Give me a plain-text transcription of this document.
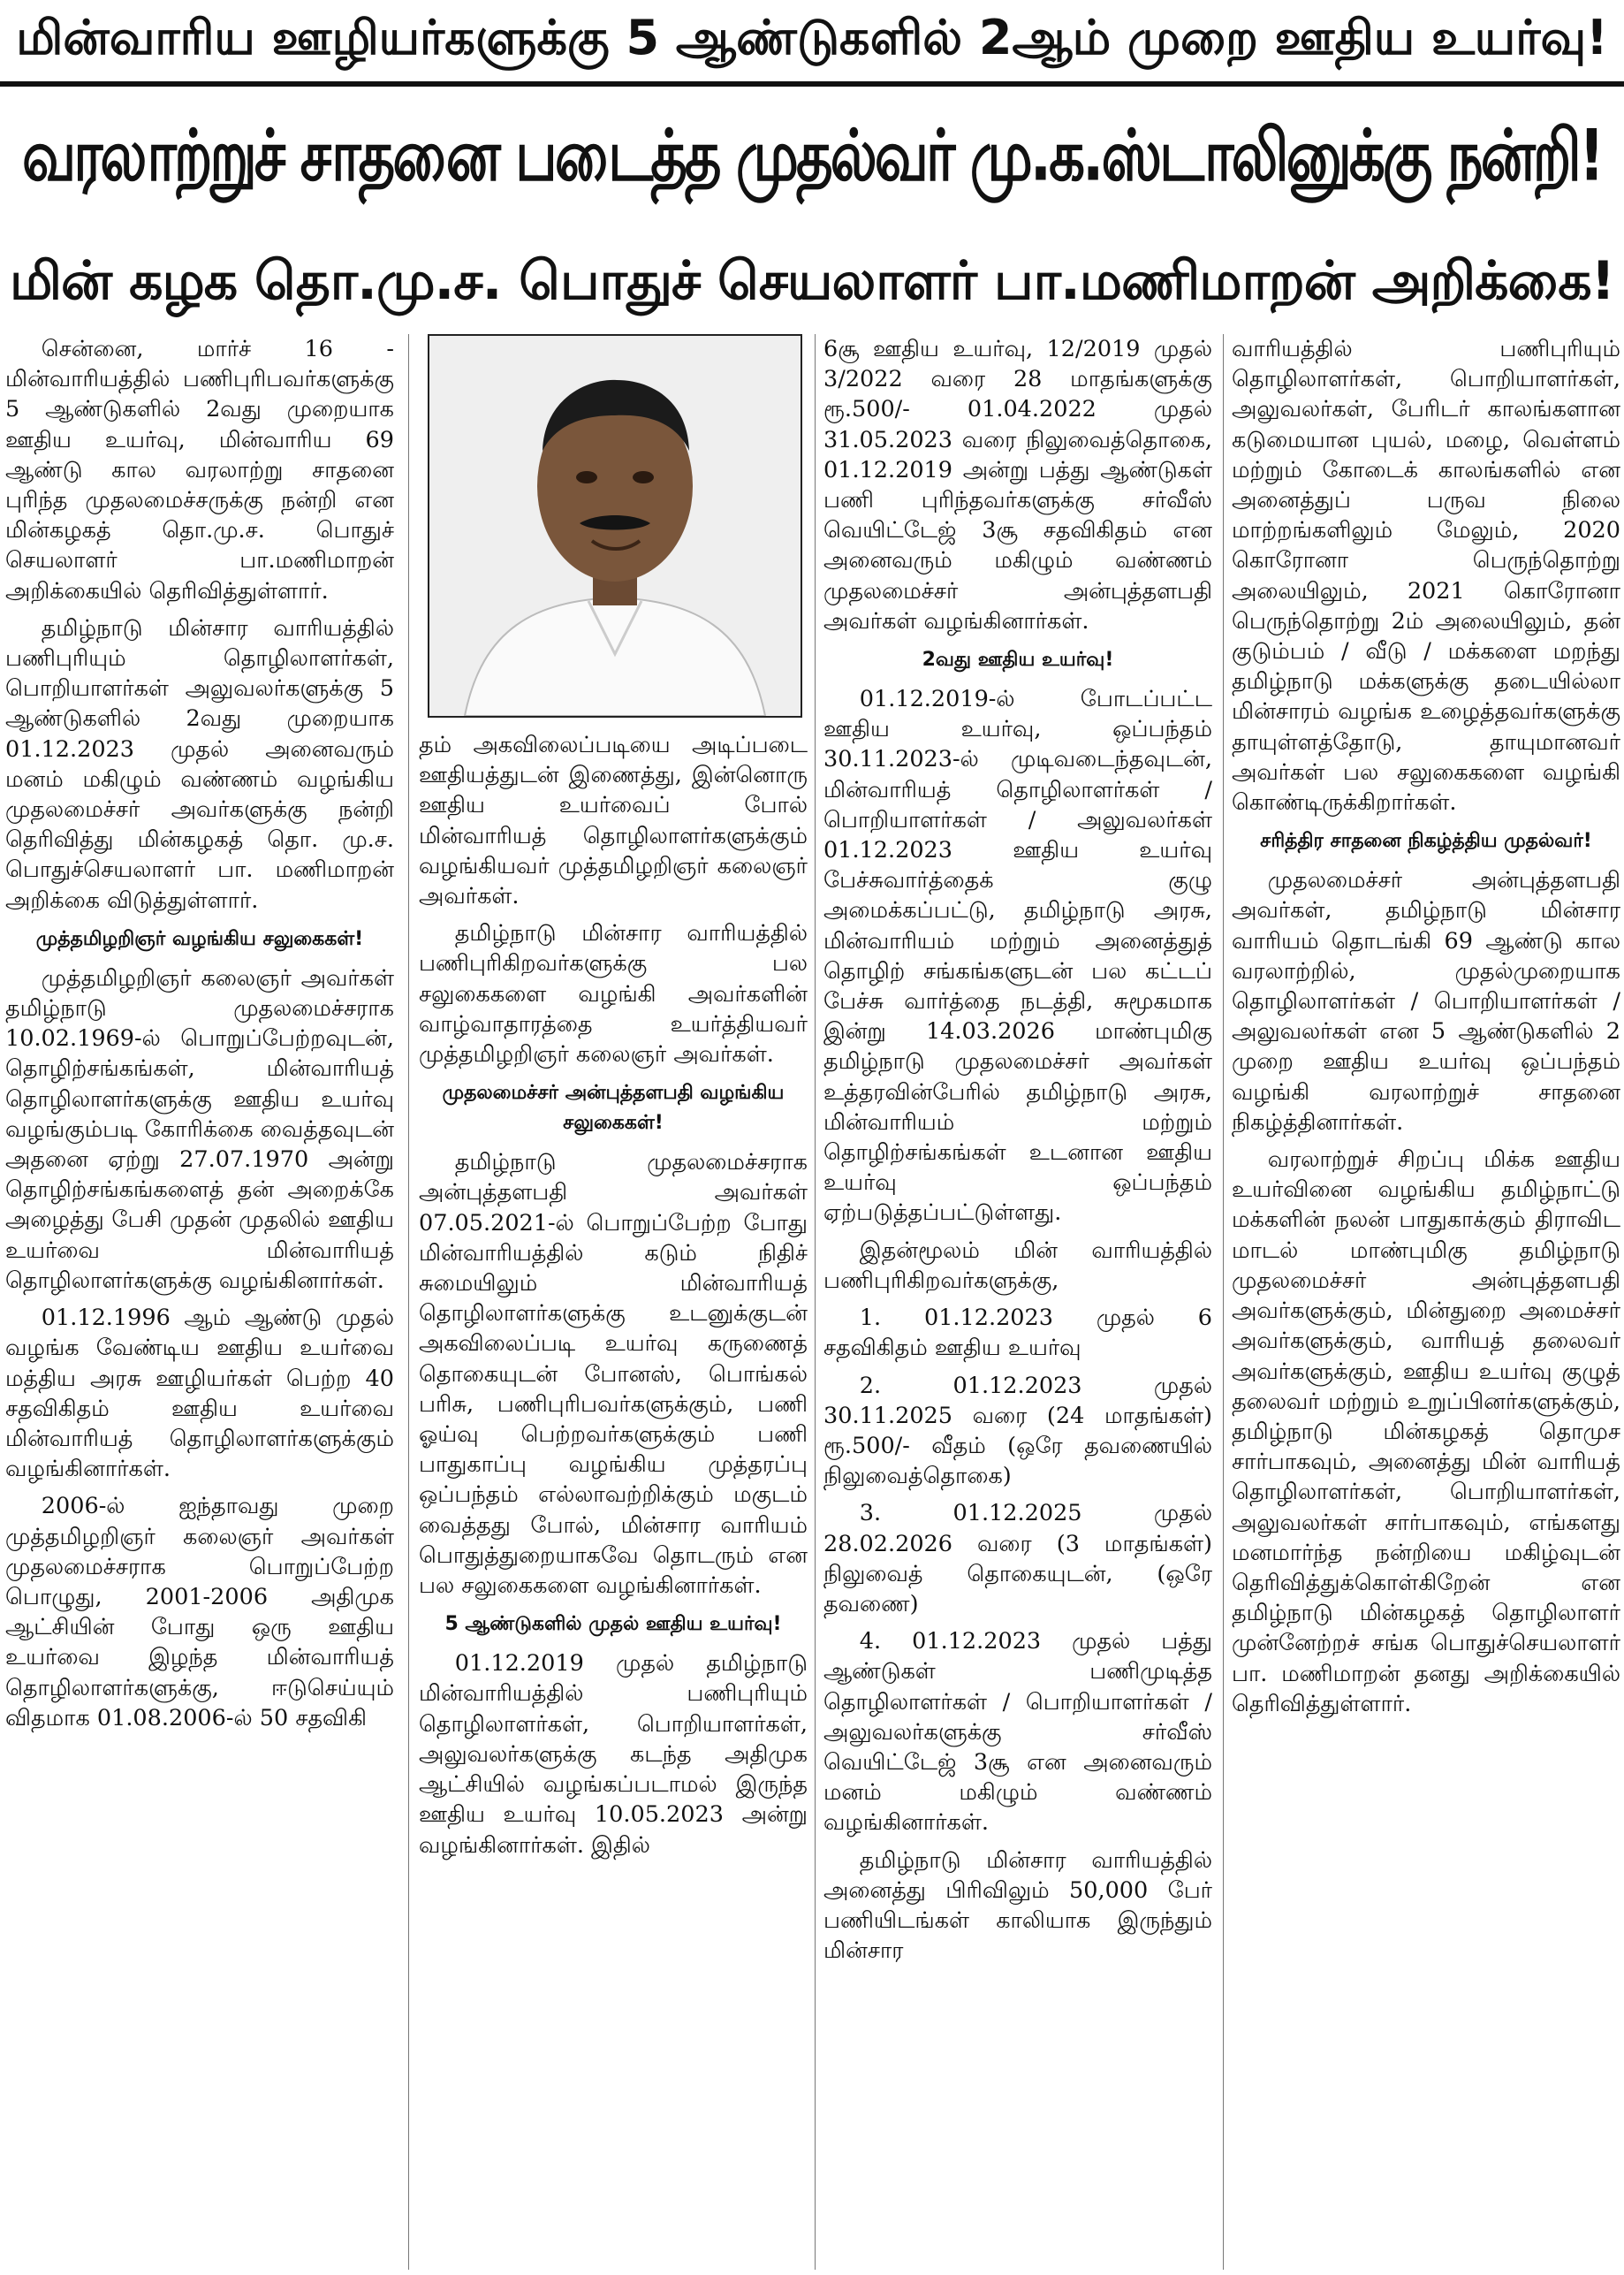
மின்வாரிய ஊழியர்களுக்கு 5 ஆண்டுகளில் 2ஆம் முறை ஊதிய உயர்வு!
வரலாற்றுச் சாதனை படைத்த முதல்வர் மு.க.ஸ்டாலினுக்கு நன்றி!
மின் கழக தொ.மு.ச. பொதுச் செயலாளர் பா.மணிமாறன் அறிக்கை!

சென்னை, மார்ச் 16 - மின்வாரியத்தில் பணிபுரிபவர்களுக்கு 5 ஆண்டுகளில் 2வது முறையாக ஊதிய உயர்வு, மின்வாரிய 69 ஆண்டு கால வரலாற்று சாதனை புரிந்த முதலமைச்சருக்கு நன்றி என மின்கழகத் தொ.மு.ச. பொதுச் செயலாளர் பா.மணிமாறன் அறிக்கையில் தெரிவித்துள்ளார்.

தமிழ்நாடு மின்சார வாரியத்தில் பணிபுரியும் தொழிலாளர்கள், பொறியாளர்கள் அலுவலர்களுக்கு 5 ஆண்டுகளில் 2வது முறையாக 01.12.2023 முதல் அனைவரும் மனம் மகிழும் வண்ணம் வழங்கிய முதலமைச்சர் அவர்களுக்கு நன்றி தெரிவித்து மின்கழகத் தொ. மு.ச. பொதுச்செயலாளர் பா. மணிமாறன் அறிக்கை விடுத்துள்ளார்.

முத்தமிழறிஞர் வழங்கிய சலுகைகள்!

முத்தமிழறிஞர் கலைஞர் அவர்கள் தமிழ்நாடு முதலமைச்சராக 10.02.1969-ல் பொறுப்பேற்றவுடன், தொழிற்சங்கங்கள், மின்வாரியத் தொழிலாளர்களுக்கு ஊதிய உயர்வு வழங்கும்படி கோரிக்கை வைத்தவுடன் அதனை ஏற்று 27.07.1970 அன்று தொழிற்சங்கங்களைத் தன் அறைக்கே அழைத்து பேசி முதன் முதலில் ஊதிய உயர்வை மின்வாரியத் தொழிலாளர்களுக்கு வழங்கினார்கள்.

01.12.1996 ஆம் ஆண்டு முதல் வழங்க வேண்டிய ஊதிய உயர்வை மத்திய அரசு ஊழியர்கள் பெற்ற 40 சதவிகிதம் ஊதிய உயர்வை மின்வாரியத் தொழிலாளர்களுக்கும் வழங்கினார்கள்.

2006-ல் ஐந்தாவது முறை முத்தமிழறிஞர் கலைஞர் அவர்கள் முதலமைச்சராக பொறுப்பேற்ற பொழுது, 2001-2006 அதிமுக ஆட்சியின் போது ஒரு ஊதிய உயர்வை இழந்த மின்வாரியத் தொழிலாளர்களுக்கு, ஈடுசெய்யும் விதமாக 01.08.2006-ல் 50 சதவிகி

தம் அகவிலைப்படியை அடிப்படை ஊதியத்துடன் இணைத்து, இன்னொரு ஊதிய உயர்வைப் போல் மின்வாரியத் தொழிலாளர்களுக்கும் வழங்கியவர் முத்தமிழறிஞர் கலைஞர் அவர்கள்.

தமிழ்நாடு மின்சார வாரியத்தில் பணிபுரிகிறவர்களுக்கு பல சலுகைகளை வழங்கி அவர்களின் வாழ்வாதாரத்தை உயர்த்தியவர் முத்தமிழறிஞர் கலைஞர் அவர்கள்.

முதலமைச்சர் அன்புத்தளபதி வழங்கிய சலுகைகள்!

தமிழ்நாடு முதலமைச்சராக அன்புத்தளபதி அவர்கள் 07.05.2021-ல் பொறுப்பேற்ற போது மின்வாரியத்தில் கடும் நிதிச் சுமையிலும் மின்வாரியத் தொழிலாளர்களுக்கு உடனுக்குடன் அகவிலைப்படி உயர்வு கருணைத் தொகையுடன் போனஸ், பொங்கல் பரிசு, பணிபுரிபவர்களுக்கும், பணி ஓய்வு பெற்றவர்களுக்கும் பணி பாதுகாப்பு வழங்கிய முத்தரப்பு ஒப்பந்தம் எல்லாவற்றிக்கும் மகுடம் வைத்தது போல், மின்சார வாரியம் பொதுத்துறையாகவே தொடரும் என பல சலுகைகளை வழங்கினார்கள்.

5 ஆண்டுகளில் முதல் ஊதிய உயர்வு!

01.12.2019 முதல் தமிழ்நாடு மின்வாரியத்தில் பணிபுரியும் தொழிலாளர்கள், பொறியாளர்கள், அலுவலர்களுக்கு கடந்த அதிமுக ஆட்சியில் வழங்கப்படாமல் இருந்த ஊதிய உயர்வு 10.05.2023 அன்று வழங்கினார்கள். இதில்

6சூ ஊதிய உயர்வு, 12/2019 முதல் 3/2022 வரை 28 மாதங்களுக்கு ரூ.500/- 01.04.2022 முதல் 31.05.2023 வரை நிலுவைத்தொகை, 01.12.2019 அன்று பத்து ஆண்டுகள் பணி புரிந்தவர்களுக்கு சர்வீஸ் வெயிட்டேஜ் 3சூ சதவிகிதம் என அனைவரும் மகிழும் வண்ணம் முதலமைச்சர் அன்புத்தளபதி அவர்கள் வழங்கினார்கள்.

2வது ஊதிய உயர்வு!

01.12.2019-ல் போடப்பட்ட ஊதிய உயர்வு, ஒப்பந்தம் 30.11.2023-ல் முடிவடைந்தவுடன், மின்வாரியத் தொழிலாளர்கள் / பொறியாளர்கள் / அலுவலர்கள் 01.12.2023 ஊதிய உயர்வு பேச்சுவார்த்தைக் குழு அமைக்கப்பட்டு, தமிழ்நாடு அரசு, மின்வாரியம் மற்றும் அனைத்துத் தொழிற் சங்கங்களுடன் பல கட்டப் பேச்சு வார்த்தை நடத்தி, சுமூகமாக இன்று 14.03.2026 மாண்புமிகு தமிழ்நாடு முதலமைச்சர் அவர்கள் உத்தரவின்பேரில் தமிழ்நாடு அரசு, மின்வாரியம் மற்றும் தொழிற்சங்கங்கள் உடனான ஊதிய உயர்வு ஒப்பந்தம் ஏற்படுத்தப்பட்டுள்ளது.

இதன்மூலம் மின் வாரியத்தில் பணிபுரிகிறவர்களுக்கு,

1. 01.12.2023 முதல் 6 சதவிகிதம் ஊதிய உயர்வு

2. 01.12.2023 முதல் 30.11.2025 வரை (24 மாதங்கள்) ரூ.500/- வீதம் (ஒரே தவணையில் நிலுவைத்தொகை)

3. 01.12.2025 முதல் 28.02.2026 வரை (3 மாதங்கள்) நிலுவைத் தொகையுடன், (ஒரே தவணை)

4. 01.12.2023 முதல் பத்து ஆண்டுகள் பணிமுடித்த தொழிலாளர்கள் / பொறியாளர்கள் / அலுவலர்களுக்கு சர்வீஸ் வெயிட்டேஜ் 3சூ என அனைவரும் மனம் மகிழும் வண்ணம் வழங்கினார்கள்.

தமிழ்நாடு மின்சார வாரியத்தில் அனைத்து பிரிவிலும் 50,000 பேர் பணியிடங்கள் காலியாக இருந்தும் மின்சார

வாரியத்தில் பணிபுரியும் தொழிலாளர்கள், பொறியாளர்கள், அலுவலர்கள், பேரிடர் காலங்களான கடுமையான புயல், மழை, வெள்ளம் மற்றும் கோடைக் காலங்களில் என அனைத்துப் பருவ நிலை மாற்றங்களிலும் மேலும், 2020 கொரோனா பெருந்தொற்று அலையிலும், 2021 கொரோனா பெருந்தொற்று 2ம் அலையிலும், தன் குடும்பம் / வீடு / மக்களை மறந்து தமிழ்நாடு மக்களுக்கு தடையில்லா மின்சாரம் வழங்க உழைத்தவர்களுக்கு தாயுள்ளத்தோடு, தாயுமானவர் அவர்கள் பல சலுகைகளை வழங்கி கொண்டிருக்கிறார்கள்.

சரித்திர சாதனை நிகழ்த்திய முதல்வர்!

முதலமைச்சர் அன்புத்தளபதி அவர்கள், தமிழ்நாடு மின்சார வாரியம் தொடங்கி 69 ஆண்டு கால வரலாற்றில், முதல்முறையாக தொழிலாளர்கள் / பொறியாளர்கள் / அலுவலர்கள் என 5 ஆண்டுகளில் 2 முறை ஊதிய உயர்வு ஒப்பந்தம் வழங்கி வரலாற்றுச் சாதனை நிகழ்த்தினார்கள்.

வரலாற்றுச் சிறப்பு மிக்க ஊதிய உயர்வினை வழங்கிய தமிழ்நாட்டு மக்களின் நலன் பாதுகாக்கும் திராவிட மாடல் மாண்புமிகு தமிழ்நாடு முதலமைச்சர் அன்புத்தளபதி அவர்களுக்கும், மின்துறை அமைச்சர் அவர்களுக்கும், வாரியத் தலைவர் அவர்களுக்கும், ஊதிய உயர்வு குழுத் தலைவர் மற்றும் உறுப்பினர்களுக்கும், தமிழ்நாடு மின்கழகத் தொமுச சார்பாகவும், அனைத்து மின் வாரியத் தொழிலாளர்கள், பொறியாளர்கள், அலுவலர்கள் சார்பாகவும், எங்களது மனமார்ந்த நன்றியை மகிழ்வுடன் தெரிவித்துக்கொள்கிறேன் என தமிழ்நாடு மின்கழகத் தொழிலாளர் முன்னேற்றச் சங்க பொதுச்செயலாளர் பா. மணிமாறன் தனது அறிக்கையில் தெரிவித்துள்ளார்.
